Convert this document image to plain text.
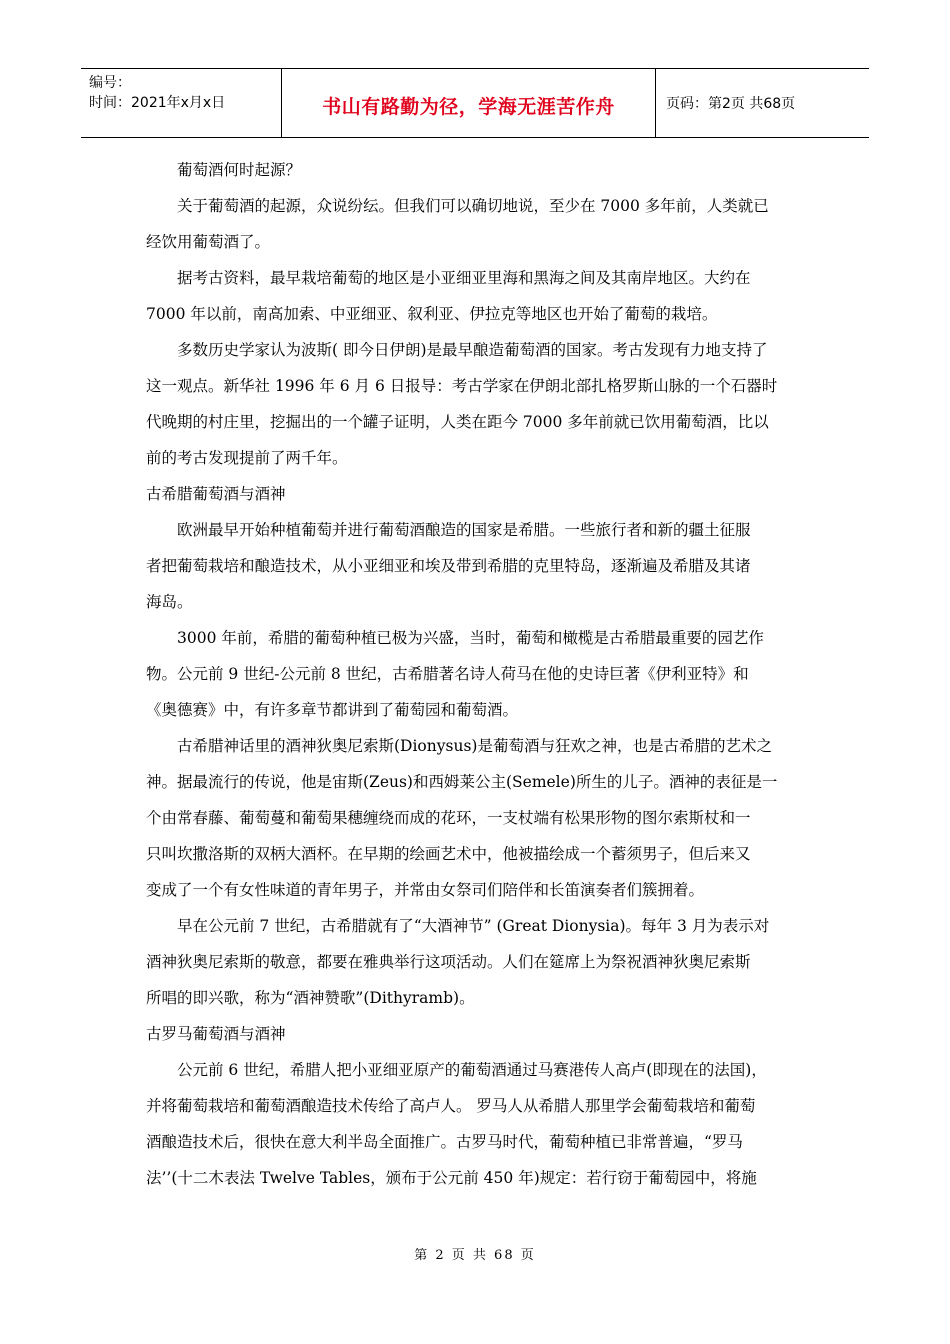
编号：
时间：2021年x月x日	书山有路勤为径，学海无涯苦作舟	页码：第2页 共68页
葡萄酒何时起源？
关于葡萄酒的起源，众说纷纭。但我们可以确切地说，至少在 7000 多年前，人类就已
经饮用葡萄酒了。
据考古资料，最早栽培葡萄的地区是小亚细亚里海和黑海之间及其南岸地区。大约在
7000 年以前，南高加索、中亚细亚、叙利亚、伊拉克等地区也开始了葡萄的栽培。
多数历史学家认为波斯( 即今日伊朗)是最早酿造葡萄酒的国家。考古发现有力地支持了
这一观点。新华社 1996 年 6 月 6 日报导：考古学家在伊朗北部扎格罗斯山脉的一个石器时
代晚期的村庄里，挖掘出的一个罐子证明，人类在距今 7000 多年前就已饮用葡萄酒，比以
前的考古发现提前了两千年。
古希腊葡萄酒与酒神
欧洲最早开始种植葡萄并进行葡萄酒酿造的国家是希腊。一些旅行者和新的疆土征服
者把葡萄栽培和酿造技术，从小亚细亚和埃及带到希腊的克里特岛，逐渐遍及希腊及其诸
海岛。
3000 年前，希腊的葡萄种植已极为兴盛，当时，葡萄和橄榄是古希腊最重要的园艺作
物。公元前 9 世纪-公元前 8 世纪，古希腊著名诗人荷马在他的史诗巨著《伊利亚特》和
《奥德赛》中，有许多章节都讲到了葡萄园和葡萄酒。
古希腊神话里的酒神狄奥尼索斯(Dionysus)是葡萄酒与狂欢之神，也是古希腊的艺术之
神。据最流行的传说，他是宙斯(Zeus)和西姆莱公主(Semele)所生的儿子。酒神的表征是一
个由常春藤、葡萄蔓和葡萄果穗缠绕而成的花环，一支杖端有松果形物的图尔索斯杖和一
只叫坎撒洛斯的双柄大酒杯。在早期的绘画艺术中，他被描绘成一个蓄须男子，但后来又
变成了一个有女性味道的青年男子，并常由女祭司们陪伴和长笛演奏者们簇拥着。
早在公元前 7 世纪，古希腊就有了“大酒神节” (Great Dionysia)。每年 3 月为表示对
酒神狄奥尼索斯的敬意，都要在雅典举行这项活动。人们在筵席上为祭祝酒神狄奥尼索斯
所唱的即兴歌，称为“酒神赞歌”(Dithyramb)。
古罗马葡萄酒与酒神
公元前 6 世纪，希腊人把小亚细亚原产的葡萄酒通过马赛港传人高卢(即现在的法国)，
并将葡萄栽培和葡萄酒酿造技术传给了高卢人。 罗马人从希腊人那里学会葡萄栽培和葡萄
酒酿造技术后，很快在意大利半岛全面推广。古罗马时代，葡萄种植已非常普遍，“罗马
法’’(十二木表法 Twelve Tables，颁布于公元前 450 年)规定：若行窃于葡萄园中，将施
第 2 页 共 68 页
